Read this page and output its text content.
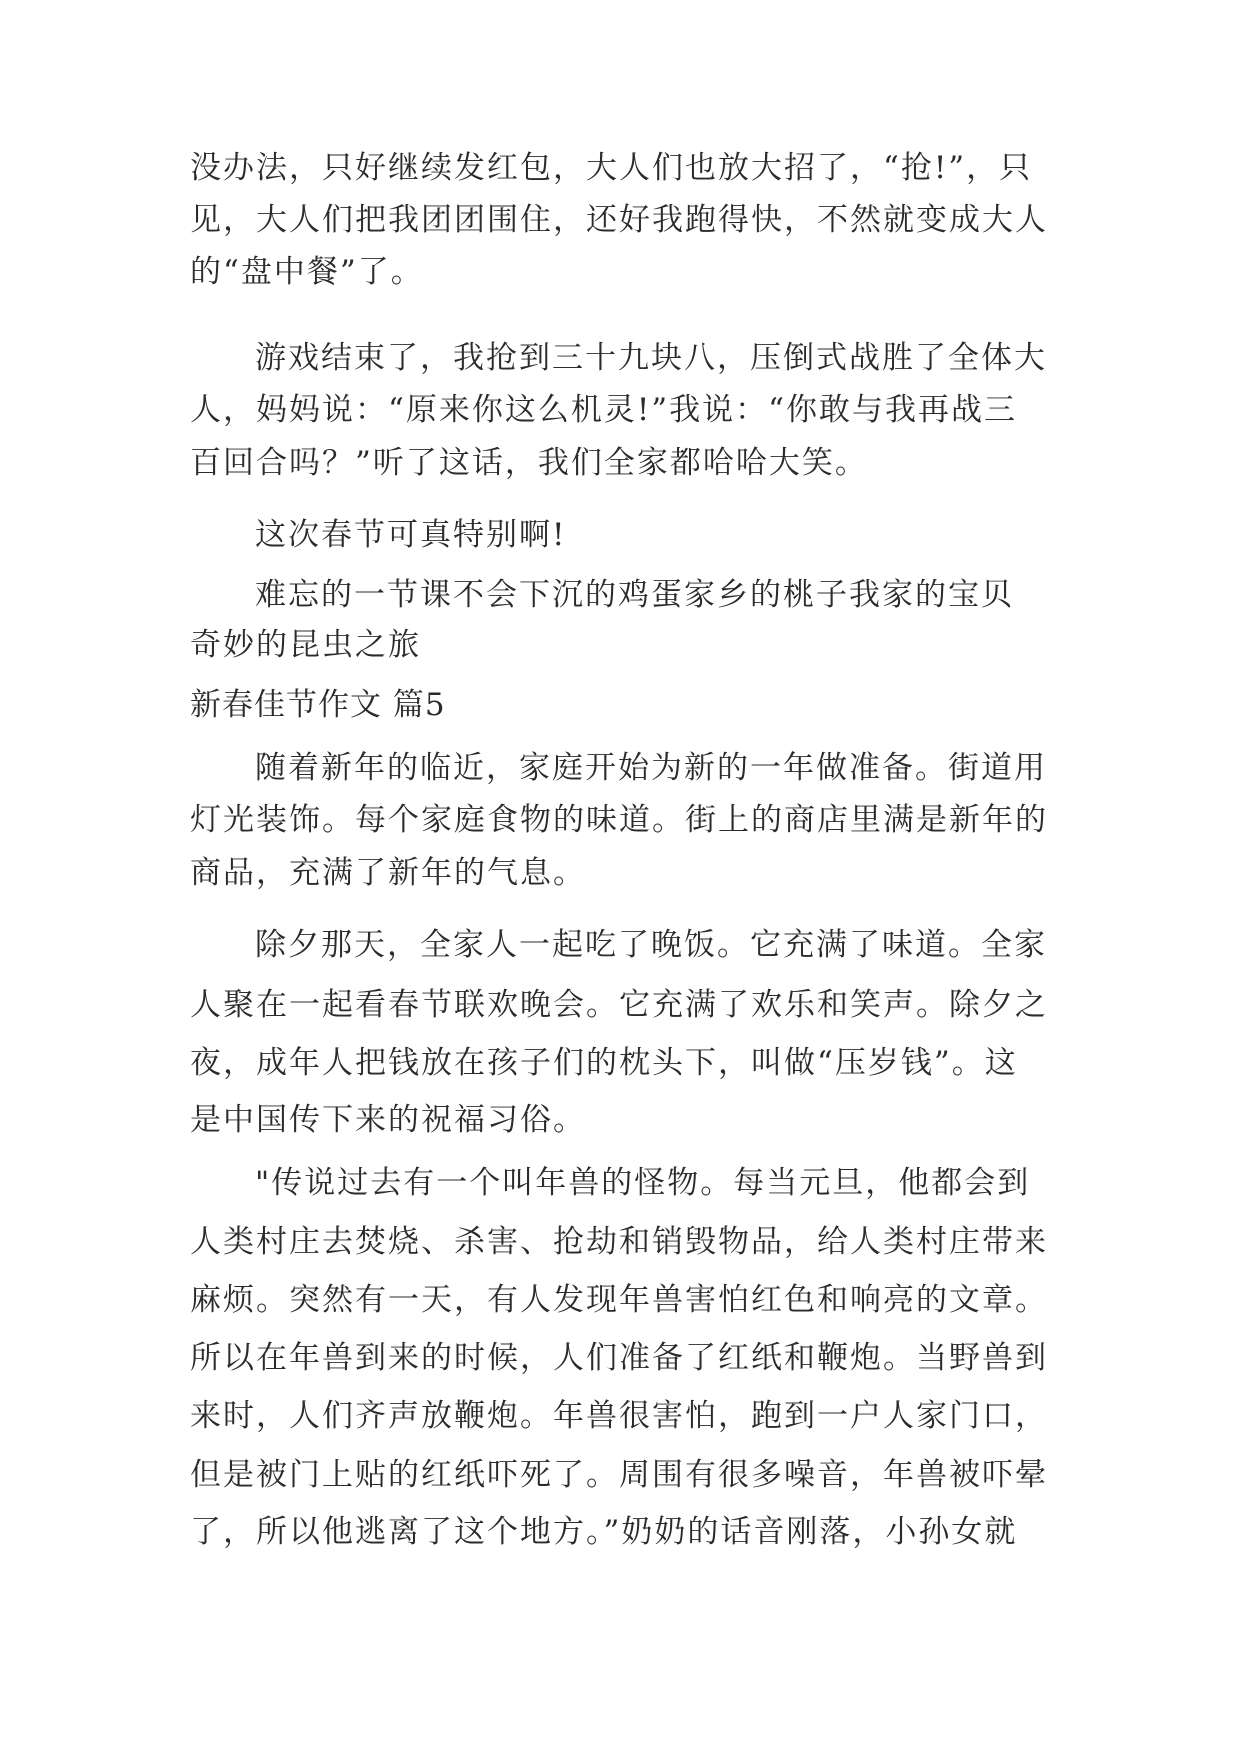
没办法，只好继续发红包，大人们也放大招了，“抢!”，只
见，大人们把我团团围住，还好我跑得快，不然就变成大人
的“盘中餐”了。
游戏结束了，我抢到三十九块八，压倒式战胜了全体大
人，妈妈说：“原来你这么机灵!”我说：“你敢与我再战三
百回合吗？”听了这话，我们全家都哈哈大笑。
这次春节可真特别啊!
难忘的一节课不会下沉的鸡蛋家乡的桃子我家的宝贝
奇妙的昆虫之旅
新春佳节作文 篇5
随着新年的临近，家庭开始为新的一年做准备。街道用
灯光装饰。每个家庭食物的味道。街上的商店里满是新年的
商品，充满了新年的气息。
除夕那天，全家人一起吃了晚饭。它充满了味道。全家
人聚在一起看春节联欢晚会。它充满了欢乐和笑声。除夕之
夜，成年人把钱放在孩子们的枕头下，叫做“压岁钱”。这
是中国传下来的祝福习俗。
"传说过去有一个叫年兽的怪物。每当元旦，他都会到
人类村庄去焚烧、杀害、抢劫和销毁物品，给人类村庄带来
麻烦。突然有一天，有人发现年兽害怕红色和响亮的文章。
所以在年兽到来的时候，人们准备了红纸和鞭炮。当野兽到
来时，人们齐声放鞭炮。年兽很害怕，跑到一户人家门口，
但是被门上贴的红纸吓死了。周围有很多噪音，年兽被吓晕
了，所以他逃离了这个地方。”奶奶的话音刚落，小孙女就
